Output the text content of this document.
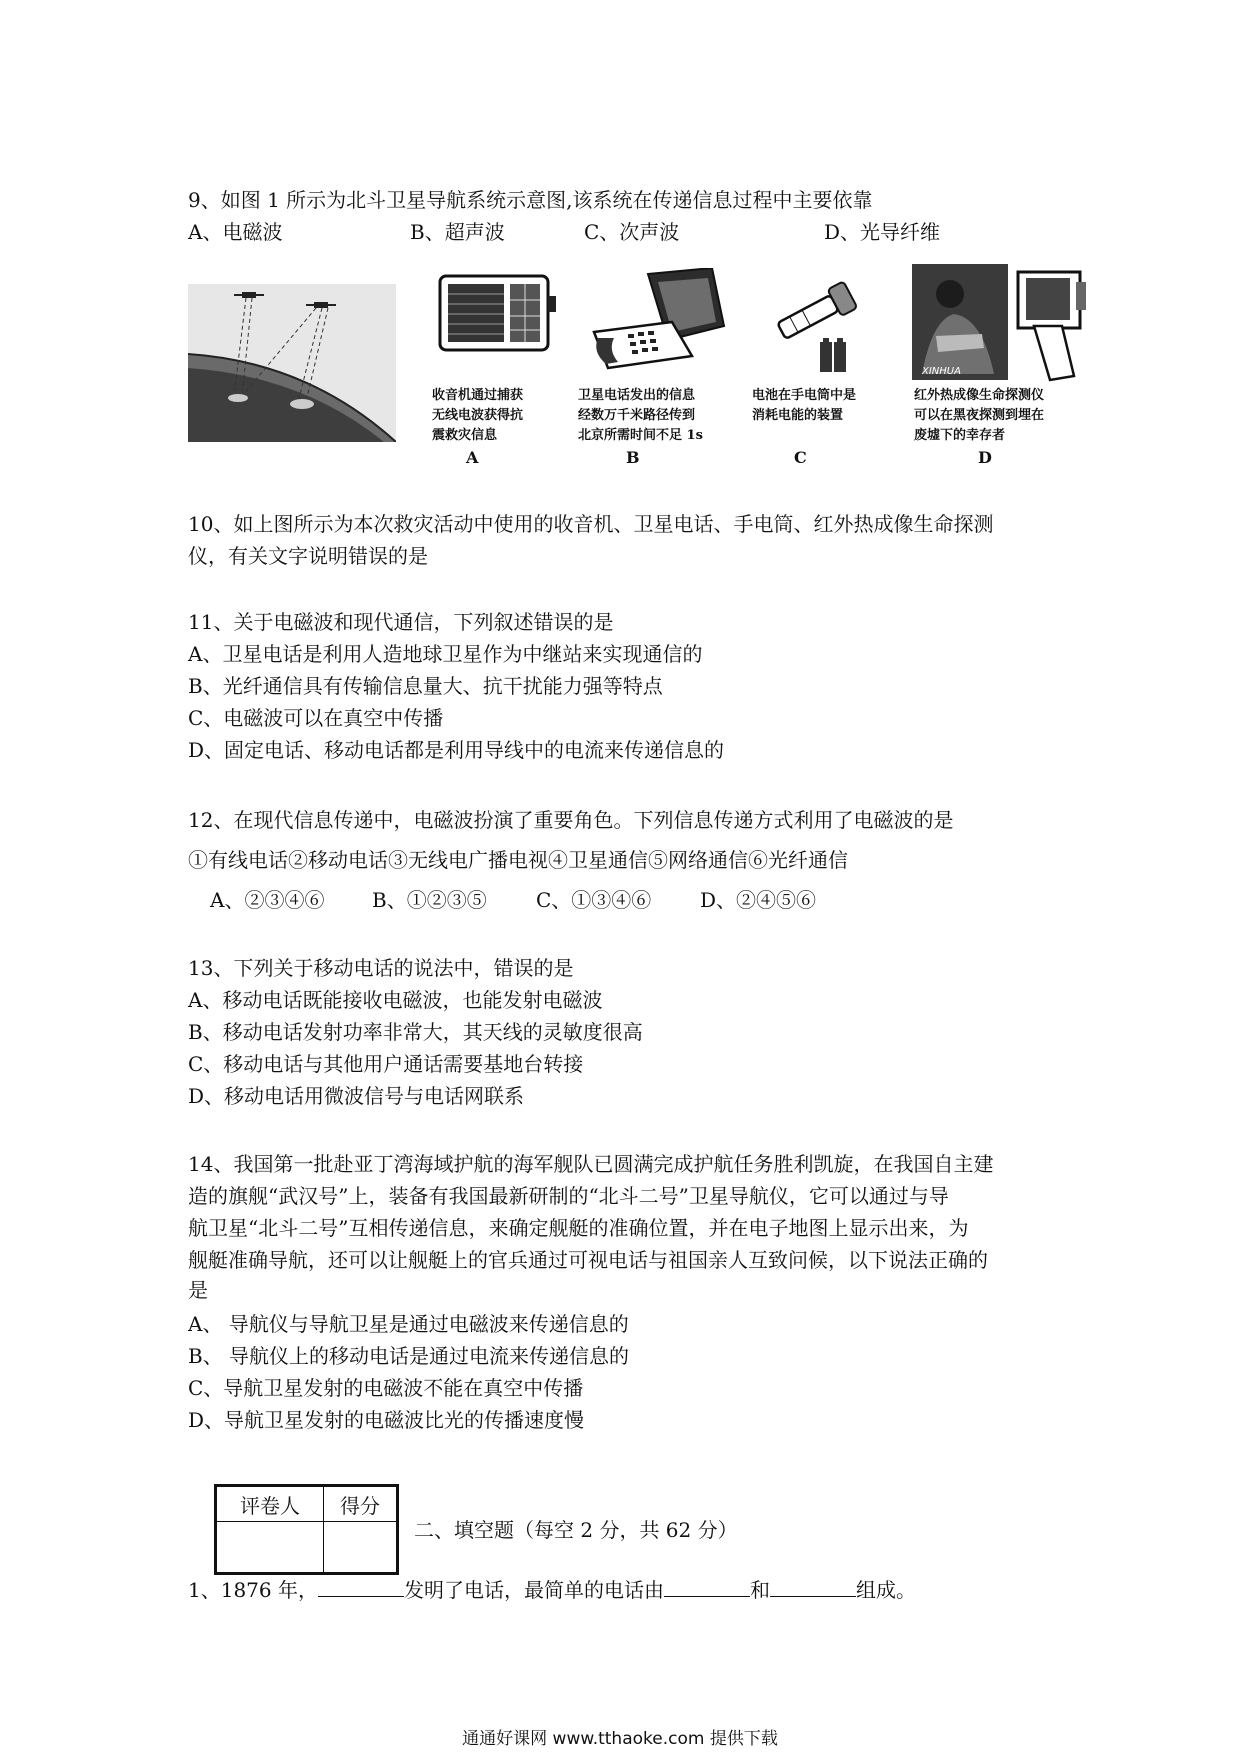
9、如图 1 所示为北斗卫星导航系统示意图,该系统在传递信息过程中主要依靠
A、电磁波	B、超声波	C、次声波	D、光导纤维
收音机通过捕获
无线电波获得抗
震救灾信息
A
卫星电话发出的信息
经数万千米路径传到
北京所需时间不足 1s
B
电池在手电筒中是
消耗电能的装置
C
XINHUA
红外热成像生命探测仪
可以在黑夜探测到埋在
废墟下的幸存者
D
10、如上图所示为本次救灾活动中使用的收音机、卫星电话、手电筒、红外热成像生命探测
仪，有关文字说明错误的是
11、关于电磁波和现代通信，下列叙述错误的是
A、卫星电话是利用人造地球卫星作为中继站来实现通信的
B、光纤通信具有传输信息量大、抗干扰能力强等特点
C、电磁波可以在真空中传播
D、固定电话、移动电话都是利用导线中的电流来传递信息的
12、在现代信息传递中，电磁波扮演了重要角色。下列信息传递方式利用了电磁波的是
①有线电话②移动电话③无线电广播电视④卫星通信⑤网络通信⑥光纤通信
A、②③④⑥ B、①②③⑤ C、①③④⑥ D、②④⑤⑥
13、下列关于移动电话的说法中，错误的是
A、移动电话既能接收电磁波，也能发射电磁波
B、移动电话发射功率非常大，其天线的灵敏度很高
C、移动电话与其他用户通话需要基地台转接
D、移动电话用微波信号与电话网联系
14、我国第一批赴亚丁湾海域护航的海军舰队已圆满完成护航任务胜利凯旋，在我国自主建
造的旗舰“武汉号”上，装备有我国最新研制的“北斗二号”卫星导航仪，它可以通过与导
航卫星“北斗二号”互相传递信息，来确定舰艇的准确位置，并在电子地图上显示出来，为
舰艇准确导航，还可以让舰艇上的官兵通过可视电话与祖国亲人互致问候，以下说法正确的
是
A、 导航仪与导航卫星是通过电磁波来传递信息的
B、 导航仪上的移动电话是通过电流来传递信息的
C、导航卫星发射的电磁波不能在真空中传播
D、导航卫星发射的电磁波比光的传播速度慢
评卷人	得分

二、填空题（每空 2 分，共 62 分）
1、1876 年，	发明了电话，最简单的电话由	和	组成。
通通好课网 www.tthaoke.com 提供下载
